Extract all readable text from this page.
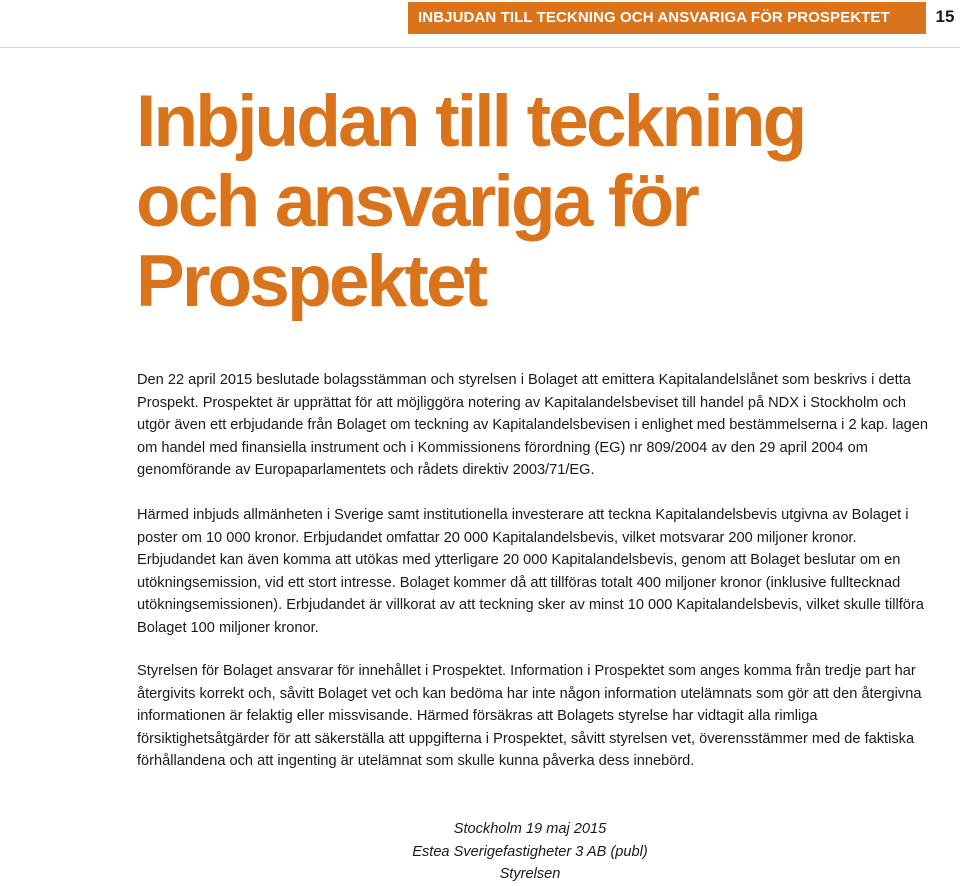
INBJUDAN TILL TECKNING OCH ANSVARIGA FÖR PROSPEKTET	15
Inbjudan till teckning
och ansvariga för
Prospektet

Den 22 april 2015 beslutade bolagsstämman och styrelsen i Bolaget att emittera Kapitalandelslånet som beskrivs i detta Prospekt. Prospektet är upprättat för att möjliggöra notering av Kapitalandelsbeviset till handel på NDX i Stockholm och utgör även ett erbjudande från Bolaget om teckning av Kapitalandelsbevisen i enlighet med bestämmelserna i 2 kap. lagen om handel med finansiella instrument och i Kommissionens förordning (EG) nr 809/2004 av den 29 april 2004 om genomförande av Europaparlamentets och rådets direktiv 2003/71/EG.

Härmed inbjuds allmänheten i Sverige samt institutionella investerare att teckna Kapitalandelsbevis utgivna av Bolaget i poster om 10 000 kronor. Erbjudandet omfattar 20 000 Kapitalandelsbevis, vilket motsvarar 200 miljoner kronor. Erbjudandet kan även komma att utökas med ytterligare 20 000 Kapitalandelsbevis, genom att Bolaget beslutar om en utökningsemission, vid ett stort intresse. Bolaget kommer då att tillföras totalt 400 miljoner kronor (inklusive fulltecknad utökningsemissionen). Erbjudandet är villkorat av att teckning sker av minst 10 000 Kapitalandelsbevis, vilket skulle tillföra Bolaget 100 miljoner kronor.

Styrelsen för Bolaget ansvarar för innehållet i Prospektet. Information i Prospektet som anges komma från tredje part har återgivits korrekt och, såvitt Bolaget vet och kan bedöma har inte någon information utelämnats som gör att den återgivna informationen är felaktig eller missvisande. Härmed försäkras att Bolagets styrelse har vidtagit alla rimliga försiktighetsåtgärder för att säkerställa att uppgifterna i Prospektet, såvitt styrelsen vet, överensstämmer med de faktiska förhållandena och att ingenting är utelämnat som skulle kunna påverka dess innebörd.

Stockholm 19 maj 2015
Estea Sverigefastigheter 3 AB (publ)
Styrelsen
